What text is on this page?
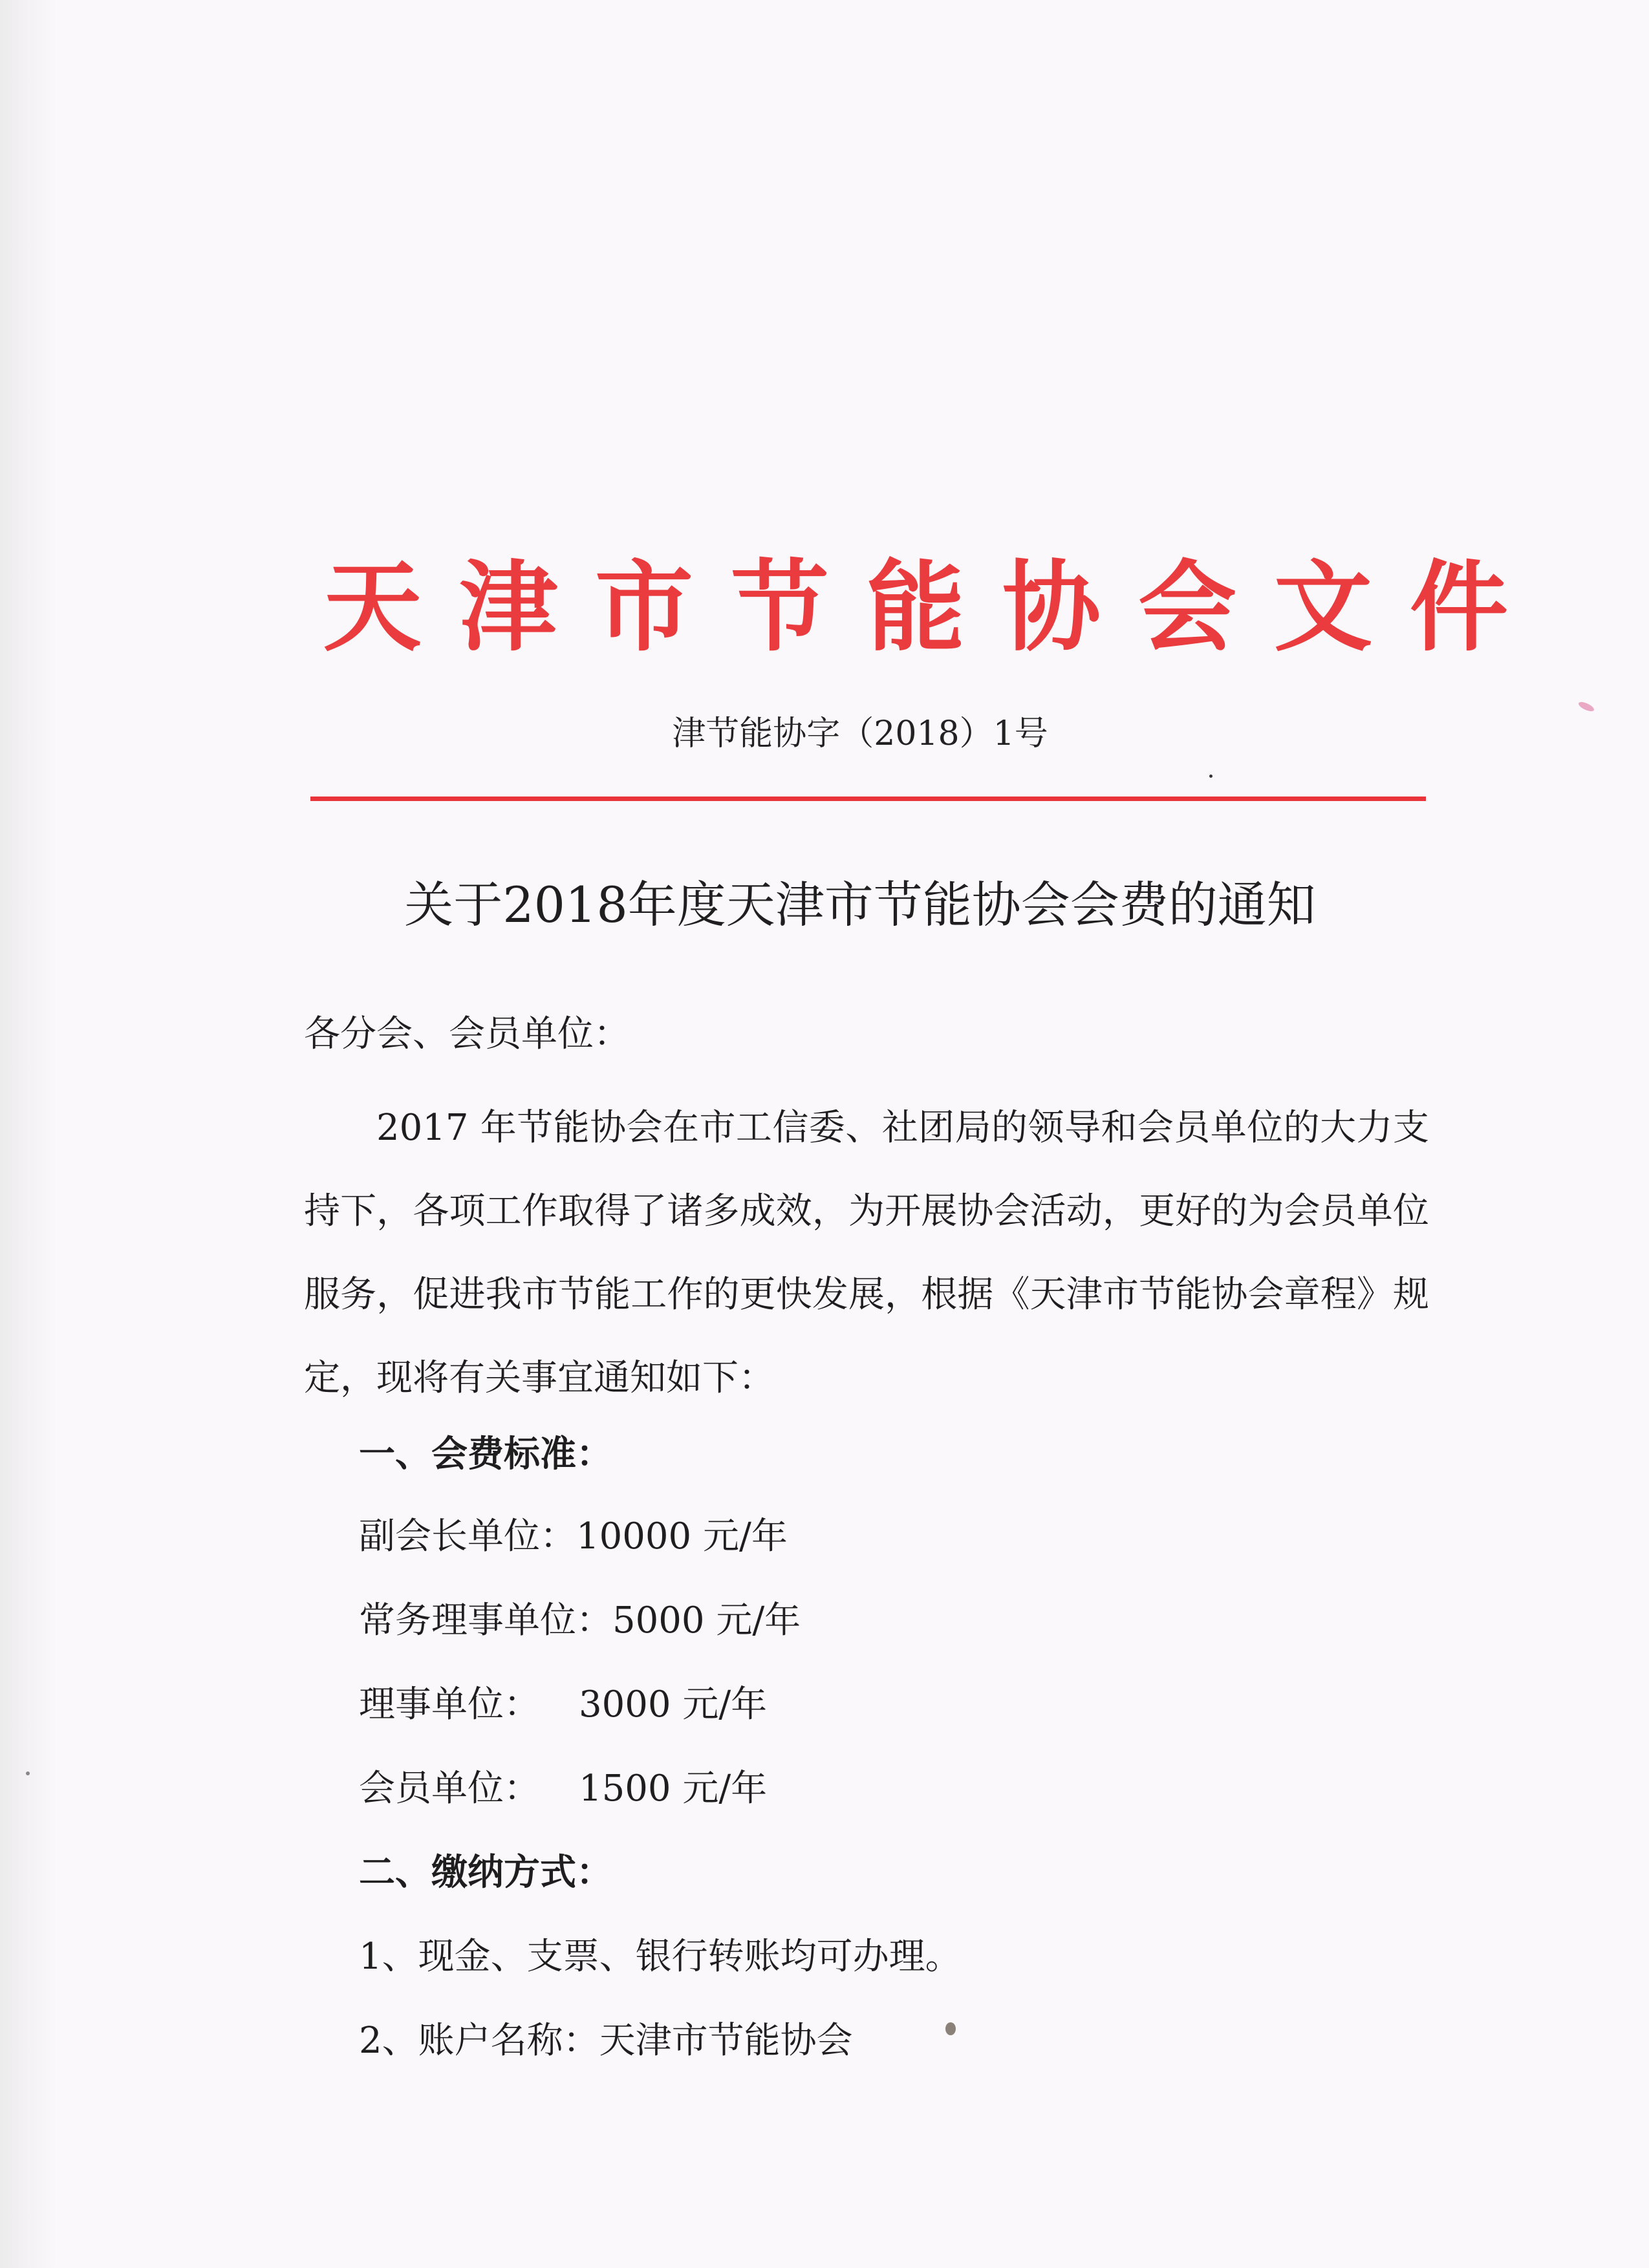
天津市节能协会文件
津节能协字（2018）1号
关于2018年度天津市节能协会会费的通知
各分会、会员单位：
2017 年节能协会在市工信委、社团局的领导和会员单位的大力支持下，各项工作取得了诸多成效，为开展协会活动，更好的为会员单位服务，促进我市节能工作的更快发展，根据《天津市节能协会章程》规定，现将有关事宜通知如下：
一、会费标准：
副会长单位：10000 元/年
常务理事单位：5000 元/年
理事单位： 3000 元/年
会员单位： 1500 元/年
二、缴纳方式：
1、现金、支票、银行转账均可办理。
2、账户名称：天津市节能协会
